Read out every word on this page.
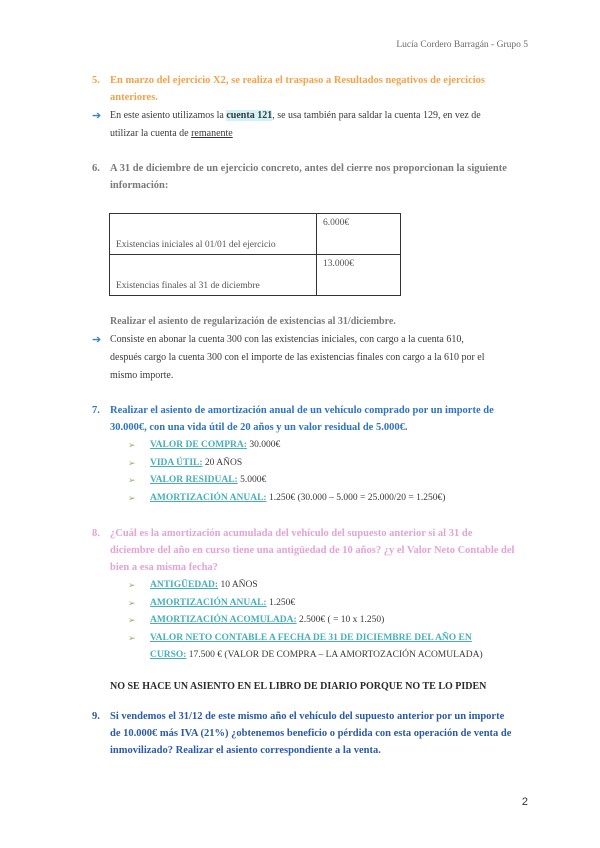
Lucía Cordero Barragán - Grupo 5
5. En marzo del ejercicio X2, se realiza el traspaso a Resultados negativos de ejercicios
anteriores.
➔ En este asiento utilizamos la cuenta 121, se usa también para saldar la cuenta 129, en vez de
utilizar la cuenta de remanente
6. A 31 de diciembre de un ejercicio concreto, antes del cierre nos proporcionan la siguiente
información:
Existencias iniciales al 01/01 del ejercicio	6.000€
Existencias finales al 31 de diciembre	13.000€
Realizar el asiento de regularización de existencias al 31/diciembre.
➔ Consiste en abonar la cuenta 300 con las existencias iniciales, con cargo a la cuenta 610,
después cargo la cuenta 300 con el importe de las existencias finales con cargo a la 610 por el
mismo importe.
7. Realizar el asiento de amortización anual de un vehículo comprado por un importe de
30.000€, con una vida útil de 20 años y un valor residual de 5.000€.
➢ VALOR DE COMPRA: 30.000€
➢ VIDA ÚTIL: 20 AÑOS
➢ VALOR RESIDUAL: 5.000€
➢ AMORTIZACIÓN ANUAL: 1.250€ (30.000 – 5.000 = 25.000/20 = 1.250€)
8. ¿Cuál es la amortización acumulada del vehículo del supuesto anterior si al 31 de
diciembre del año en curso tiene una antigüedad de 10 años? ¿y el Valor Neto Contable del
bien a esa misma fecha?
➢ ANTIGÜEDAD: 10 AÑOS
➢ AMORTIZACIÓN ANUAL: 1.250€
➢ AMORTIZACIÓN ACOMULADA: 2.500€ ( = 10 x 1.250)
➢ VALOR NETO CONTABLE A FECHA DE 31 DE DICIEMBRE DEL AÑO EN
CURSO: 17.500 € (VALOR DE COMPRA – LA AMORTOZACIÓN ACOMULADA)
NO SE HACE UN ASIENTO EN EL LIBRO DE DIARIO PORQUE NO TE LO PIDEN
9. Si vendemos el 31/12 de este mismo año el vehículo del supuesto anterior por un importe
de 10.000€ más IVA (21%) ¿obtenemos beneficio o pérdida con esta operación de venta de
inmovilizado? Realizar el asiento correspondiente a la venta.
2
